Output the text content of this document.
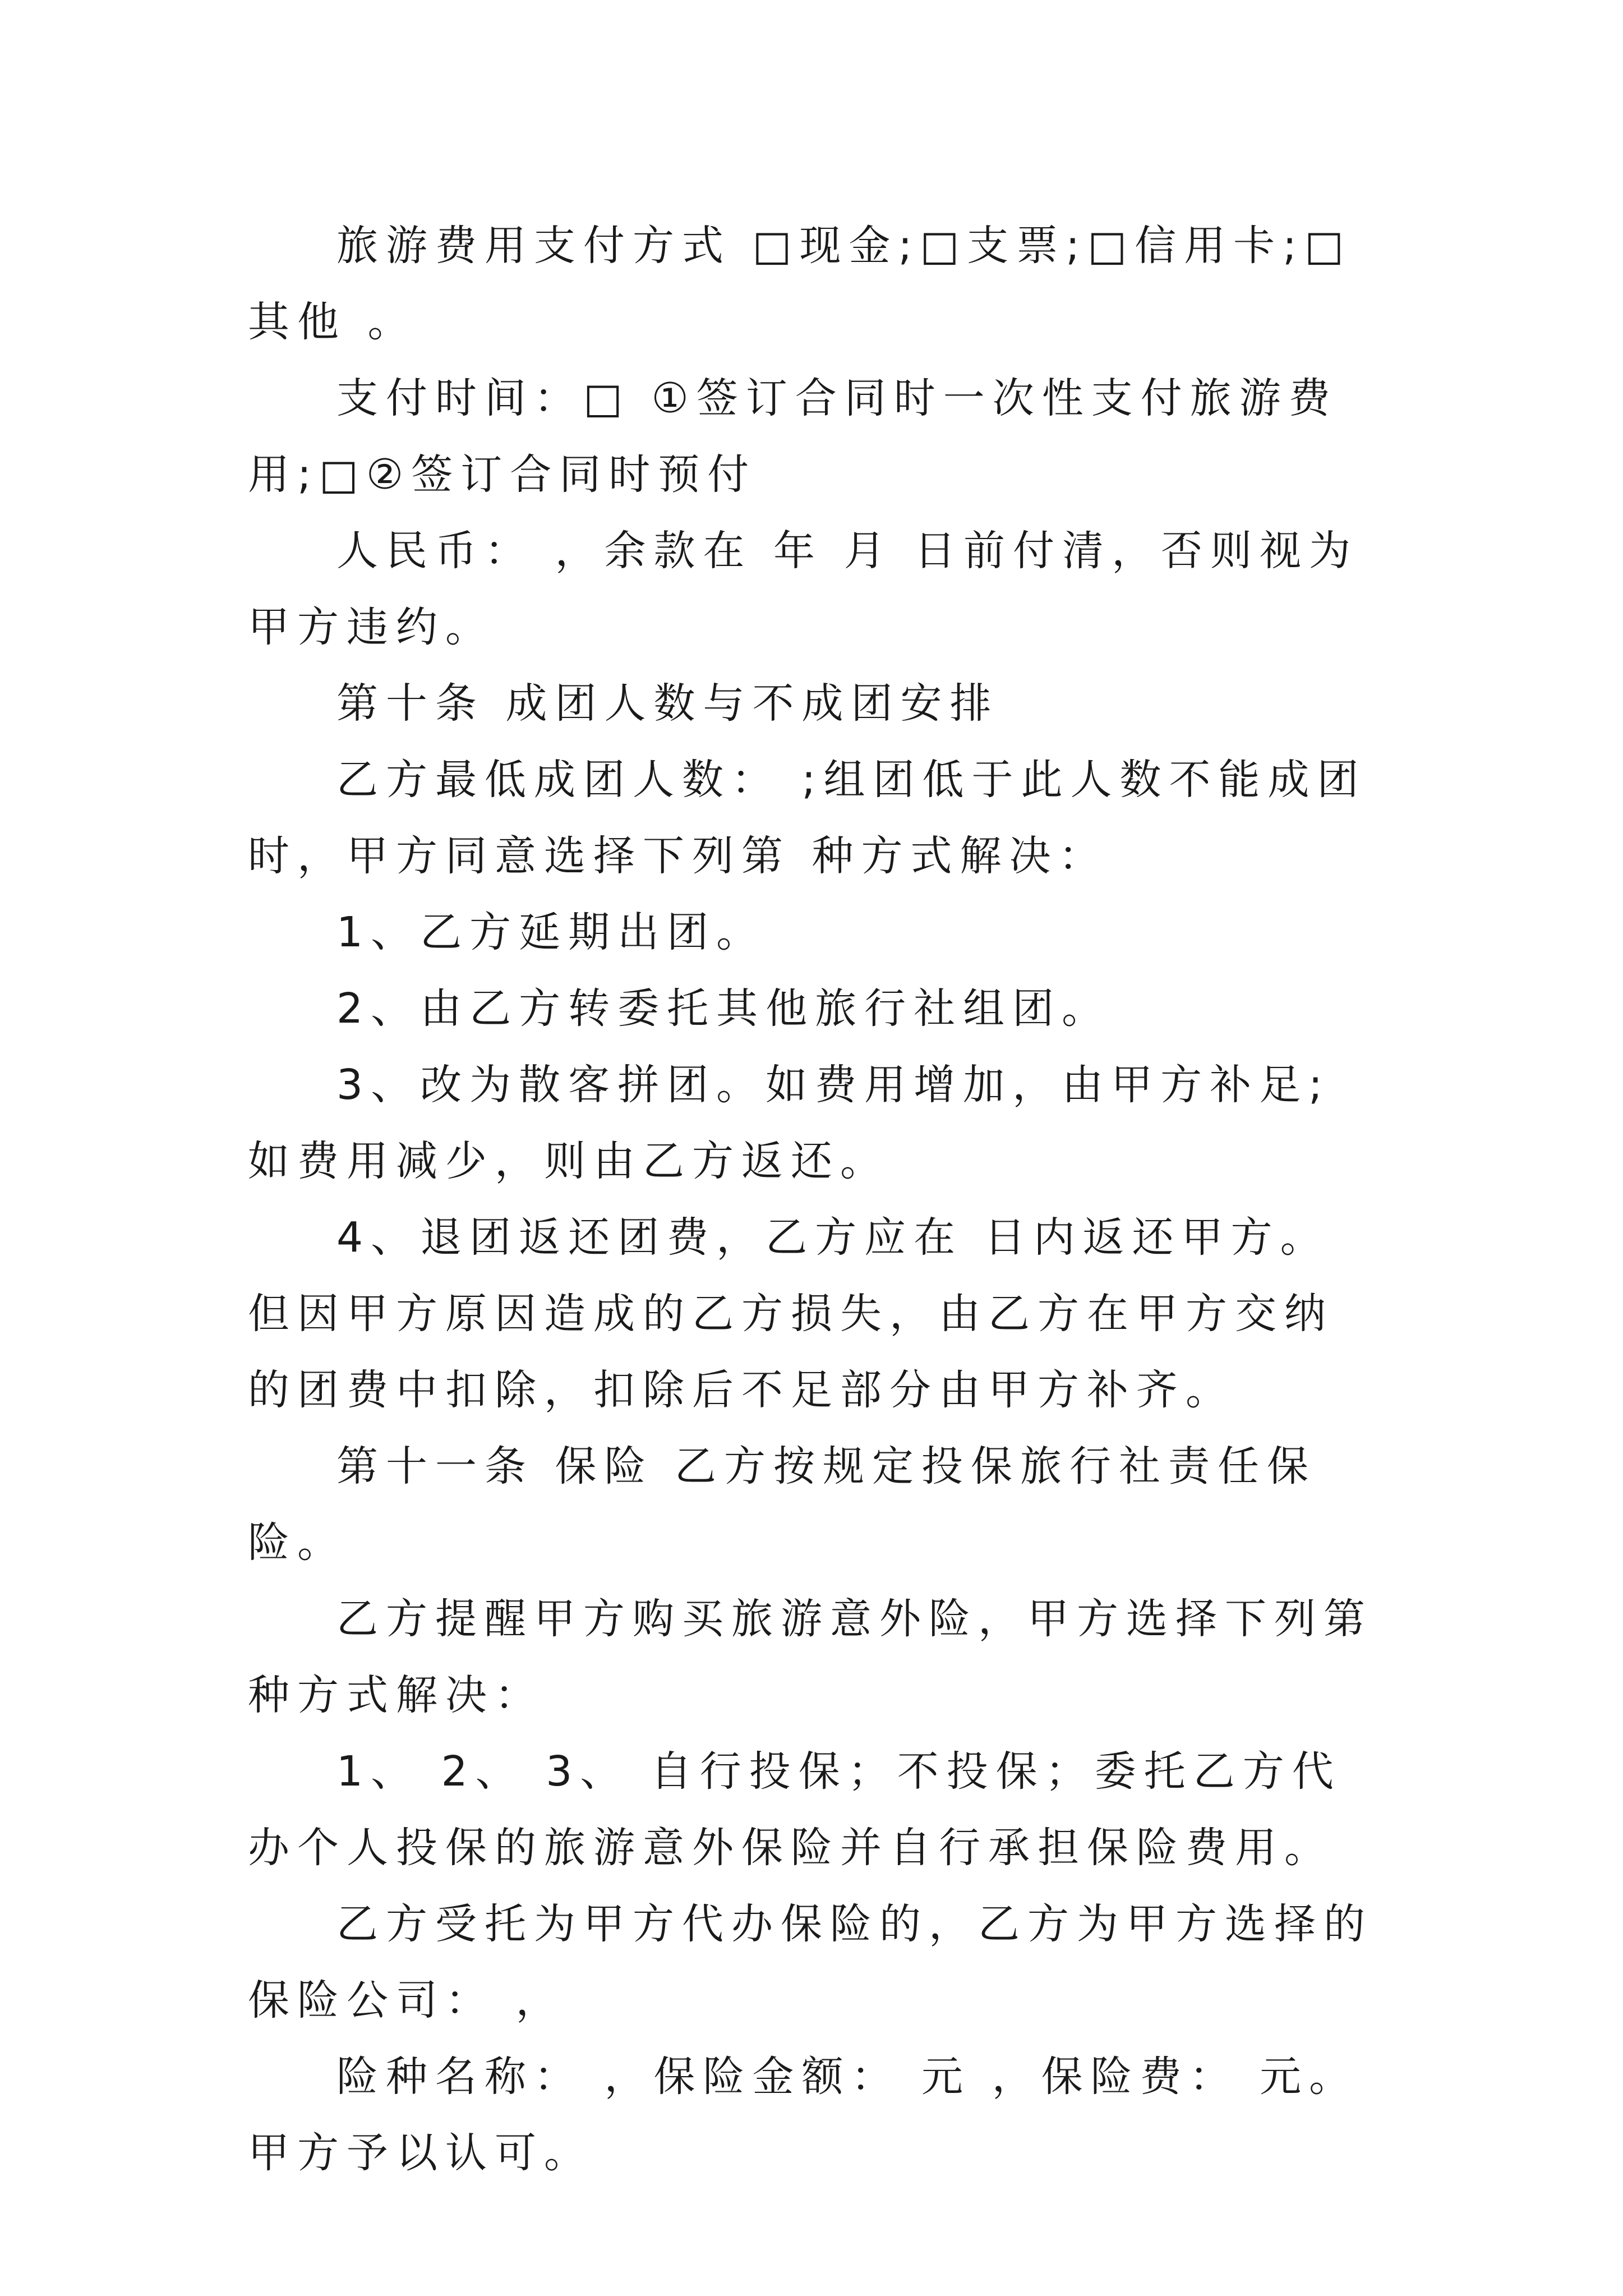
旅游费用支付方式 □现金;□支票;□信用卡;□其他 。

支付时间：□ ①签订合同时一次性支付旅游费用;□②签订合同时预付

人民币： ，余款在 年 月 日前付清，否则视为甲方违约。

第十条 成团人数与不成团安排

乙方最低成团人数： ;组团低于此人数不能成团时，甲方同意选择下列第 种方式解决：

1、乙方延期出团。

2、由乙方转委托其他旅行社组团。

3、改为散客拼团。如费用增加，由甲方补足;如费用减少，则由乙方返还。

4、退团返还团费，乙方应在 日内返还甲方。但因甲方原因造成的乙方损失，由乙方在甲方交纳的团费中扣除，扣除后不足部分由甲方补齐。

第十一条 保险 乙方按规定投保旅行社责任保险。

乙方提醒甲方购买旅游意外险，甲方选择下列第 种方式解决：

1、 2、 3、 自行投保；不投保；委托乙方代办个人投保的旅游意外保险并自行承担保险费用。

乙方受托为甲方代办保险的，乙方为甲方选择的保险公司： ，

险种名称： ，保险金额： 元 ，保险费： 元。甲方予以认可。
